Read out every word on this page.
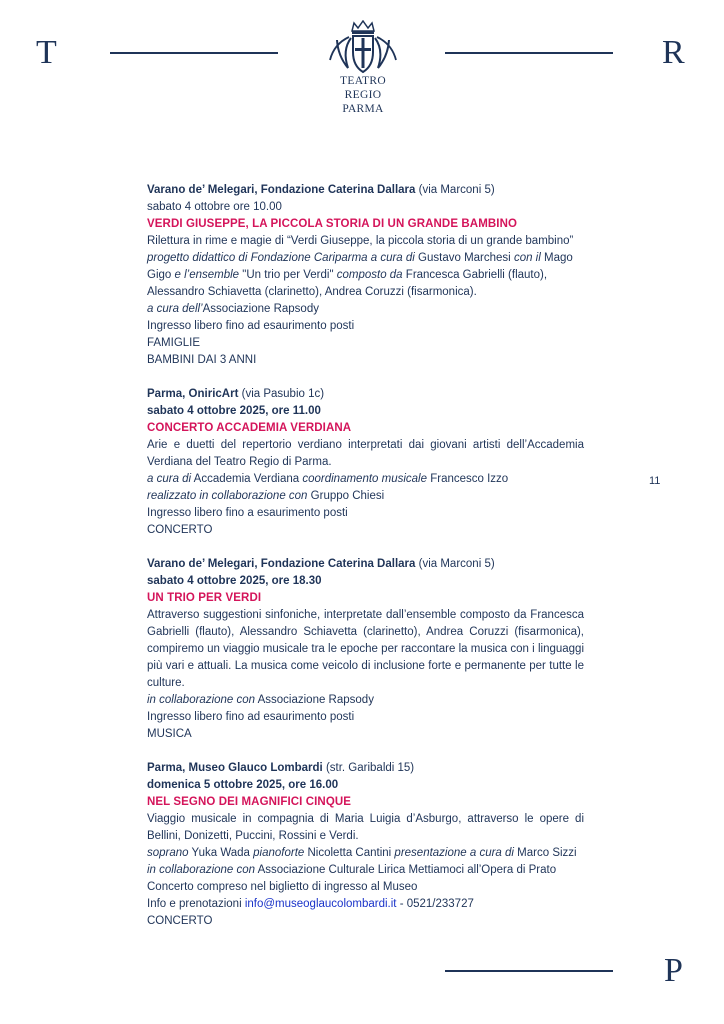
T
TEATRO REGIO
PARMA
R
11

Varano de’ Melegari, Fondazione Caterina Dallara (via Marconi 5)

sabato 4 ottobre ore 10.00

VERDI GIUSEPPE, LA PICCOLA STORIA DI UN GRANDE BAMBINO

Rilettura in rime e magie di “Verdi Giuseppe, la piccola storia di un grande bambino”

progetto didattico di Fondazione Cariparma a cura di Gustavo Marchesi con il Mago Gigo e l’ensemble "Un trio per Verdi" composto da Francesca Gabrielli (flauto), Alessandro Schiavetta (clarinetto), Andrea Coruzzi (fisarmonica).

a cura dell’Associazione Rapsody

Ingresso libero fino ad esaurimento posti

FAMIGLIE

BAMBINI DAI 3 ANNI

Parma, OniricArt (via Pasubio 1c)

sabato 4 ottobre 2025, ore 11.00

CONCERTO ACCADEMIA VERDIANA

Arie e duetti del repertorio verdiano interpretati dai giovani artisti dell’Accademia Verdiana del Teatro Regio di Parma.

a cura di Accademia Verdiana coordinamento musicale Francesco Izzo

realizzato in collaborazione con Gruppo Chiesi

Ingresso libero fino a esaurimento posti

CONCERTO

Varano de’ Melegari, Fondazione Caterina Dallara (via Marconi 5)

sabato 4 ottobre 2025, ore 18.30

UN TRIO PER VERDI

Attraverso suggestioni sinfoniche, interpretate dall’ensemble composto da Francesca Gabrielli (flauto), Alessandro Schiavetta (clarinetto), Andrea Coruzzi (fisarmonica), compiremo un viaggio musicale tra le epoche per raccontare la musica con i linguaggi più vari e attuali. La musica come veicolo di inclusione forte e permanente per tutte le culture.

in collaborazione con Associazione Rapsody

Ingresso libero fino ad esaurimento posti

MUSICA

Parma, Museo Glauco Lombardi (str. Garibaldi 15)

domenica 5 ottobre 2025, ore 16.00

NEL SEGNO DEI MAGNIFICI CINQUE

Viaggio musicale in compagnia di Maria Luigia d’Asburgo, attraverso le opere di Bellini, Donizetti, Puccini, Rossini e Verdi.

soprano Yuka Wada pianoforte Nicoletta Cantini presentazione a cura di Marco Sizzi

in collaborazione con Associazione Culturale Lirica Mettiamoci all’Opera di Prato

Concerto compreso nel biglietto di ingresso al Museo

Info e prenotazioni info@museoglaucolombardi.it - 0521/233727

CONCERTO

P
